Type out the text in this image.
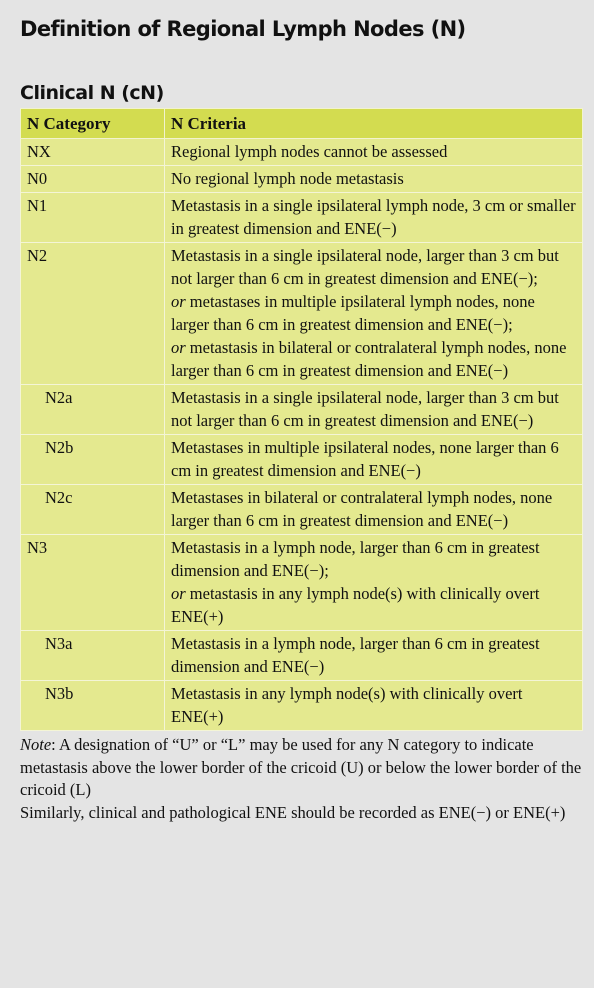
Definition of Regional Lymph Nodes (N)
Clinical N (cN)
N Category	N Criteria
NX	Regional lymph nodes cannot be assessed

N0	No regional lymph node metastasis

N1	Metastasis in a single ipsilateral lymph node, 3 cm or smaller in greatest dimension and ENE(−)

N2	Metastasis in a single ipsilateral node, larger than 3 cm but not larger than 6 cm in greatest dimension and ENE(−);
or metastases in multiple ipsilateral lymph nodes, none larger than 6 cm in greatest dimension and ENE(−);
or metastasis in bilateral or contralateral lymph nodes, none larger than 6 cm in greatest dimension and ENE(−)

N2a	Metastasis in a single ipsilateral node, larger than 3 cm but not larger than 6 cm in greatest dimension and ENE(−)

N2b	Metastases in multiple ipsilateral nodes, none larger than 6 cm in greatest dimension and ENE(−)

N2c	Metastases in bilateral or contralateral lymph nodes, none larger than 6 cm in greatest dimension and ENE(−)

N3	Metastasis in a lymph node, larger than 6 cm in greatest dimension and ENE(−);
or metastasis in any lymph node(s) with clinically overt ENE(+)

N3a	Metastasis in a lymph node, larger than 6 cm in greatest dimension and ENE(−)

N3b	Metastasis in any lymph node(s) with clinically overt ENE(+)

Note: A designation of “U” or “L” may be used for any N category to indicate metastasis above the lower border of the cricoid (U) or below the lower border of the cricoid (L)

Similarly, clinical and pathological ENE should be recorded as ENE(−) or ENE(+)
